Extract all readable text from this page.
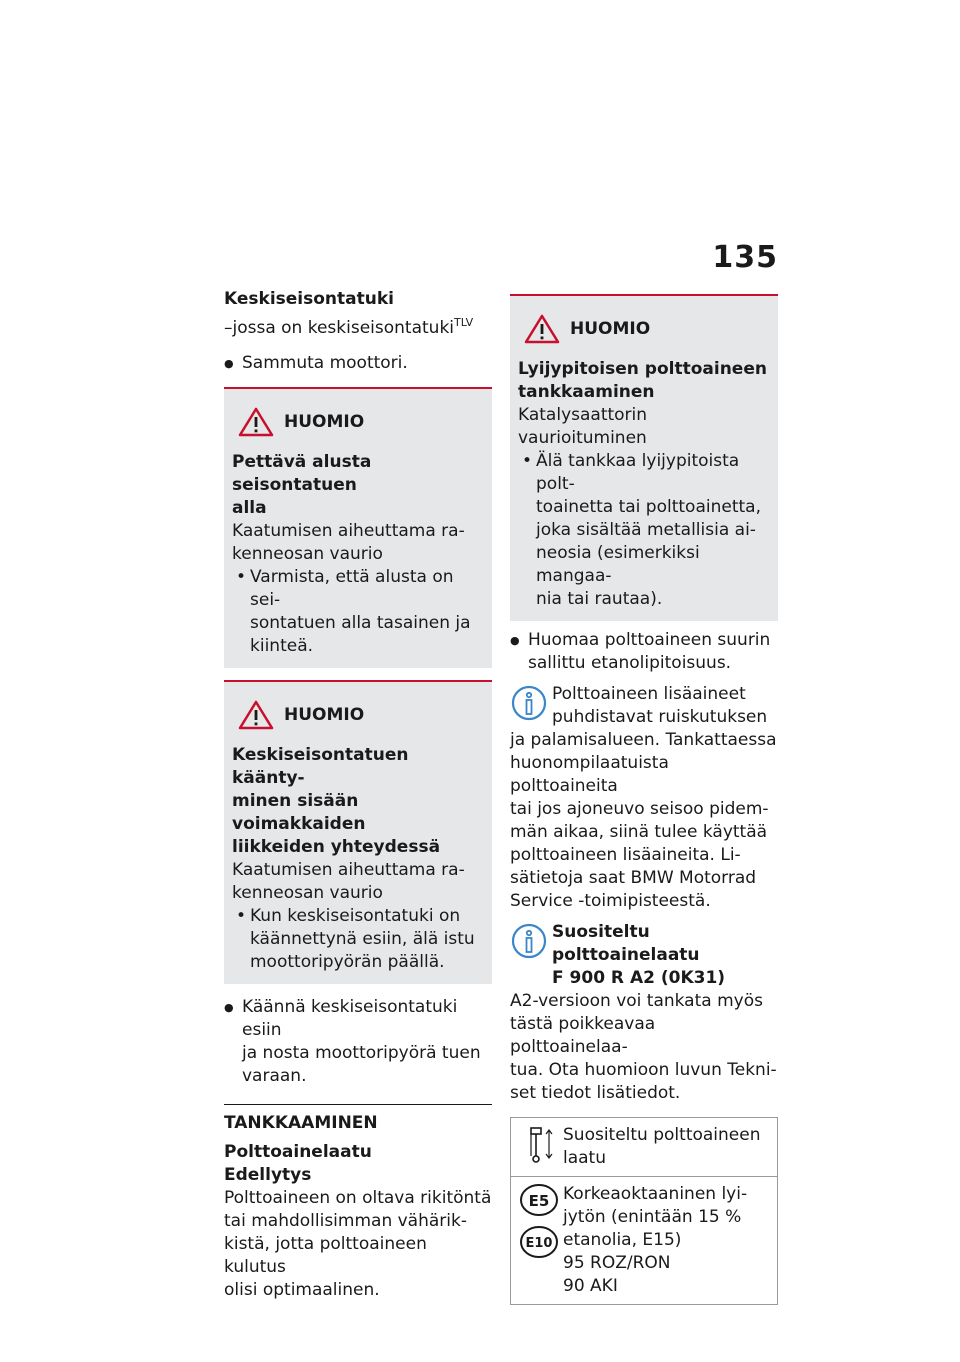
135

Keskiseisontatuki

–jossa on keskiseisontatuki$^{TLV}$

● Sammuta moottori.

HUOMIO

Pettävä alusta seisontatuen

alla

Kaatumisen aiheuttama ra-

kenneosan vaurio

• Varmista, että alusta on sei-

sontatuen alla tasainen ja

kiinteä.

HUOMIO

Keskiseisontatuen käänty-

minen sisään voimakkaiden

liikkeiden yhteydessä

Kaatumisen aiheuttama ra-

kenneosan vaurio

• Kun keskiseisontatuki on

käännettynä esiin, älä istu

moottoripyörän päällä.

● Käännä keskiseisontatuki esiin

ja nosta moottoripyörä tuen

varaan.

TANKKAAMINEN

Polttoainelaatu

Edellytys

Polttoaineen on oltava rikitöntä

tai mahdollisimman vähärik-

kistä, jotta polttoaineen kulutus

olisi optimaalinen.

HUOMIO

Lyijypitoisen polttoaineen

tankkaaminen

Katalysaattorin vaurioituminen

• Älä tankkaa lyijypitoista polt-

toainetta tai polttoainetta,

joka sisältää metallisia ai-

neosia (esimerkiksi mangaa-

nia tai rautaa).

● Huomaa polttoaineen suurin

sallittu etanolipitoisuus.

Polttoaineen lisäaineet

puhdistavat ruiskutuksen

ja palamisalueen. Tankattaessa

huonompilaatuista polttoaineita

tai jos ajoneuvo seisoo pidem-

män aikaa, siinä tulee käyttää

polttoaineen lisäaineita. Li-

sätietoja saat BMW Motorrad

Service -toimipisteestä.

Suositeltu polttoainelaatu

F 900 R A2 (0K31)

A2-versioon voi tankata myös

tästä poikkeavaa polttoainelaa-

tua. Ota huomioon luvun Tekni-

set tiedot lisätiedot.

Suositeltu polttoaineen

laatu

E5
E10

Korkeaoktaaninen lyi-

jytön (enintään 15 %

etanolia, E15)

95 ROZ/RON

90 AKI
